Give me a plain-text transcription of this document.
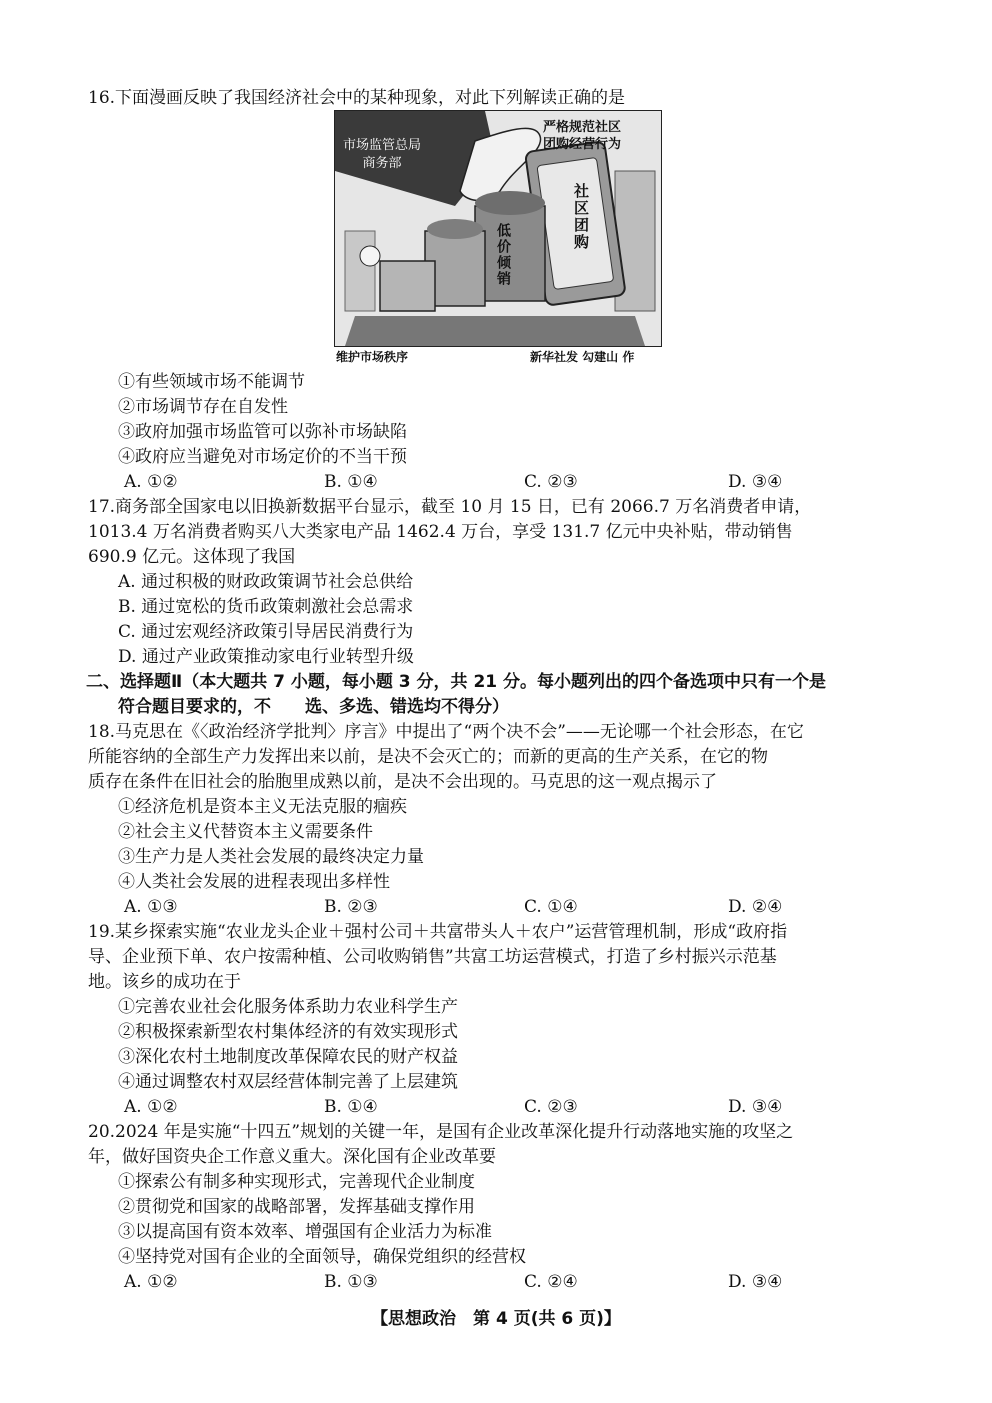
16.下面漫画反映了我国经济社会中的某种现象，对此下列解读正确的是
市场监管总局
商务部
严格规范社区
团购经营行为
社区团购
低价倾销
维护市场秩序	新华社发 勾建山 作
①有些领域市场不能调节
②市场调节存在自发性
③政府加强市场监管可以弥补市场缺陷
④政府应当避免对市场定价的不当干预
A. ①②	B. ①④	C. ②③	D. ③④
17.商务部全国家电以旧换新数据平台显示，截至 10 月 15 日，已有 2066.7 万名消费者申请，
1013.4 万名消费者购买八大类家电产品 1462.4 万台，享受 131.7 亿元中央补贴，带动销售
690.9 亿元。这体现了我国
A. 通过积极的财政政策调节社会总供给
B. 通过宽松的货币政策刺激社会总需求
C. 通过宏观经济政策引导居民消费行为
D. 通过产业政策推动家电行业转型升级
二、选择题Ⅱ（本大题共 7 小题，每小题 3 分，共 21 分。每小题列出的四个备选项中只有一个是
符合题目要求的，不　　选、多选、错选均不得分）
18.马克思在《〈政治经济学批判〉序言》中提出了“两个决不会”——无论哪一个社会形态，在它
所能容纳的全部生产力发挥出来以前，是决不会灭亡的；而新的更高的生产关系，在它的物
质存在条件在旧社会的胎胞里成熟以前，是决不会出现的。马克思的这一观点揭示了
①经济危机是资本主义无法克服的痼疾
②社会主义代替资本主义需要条件
③生产力是人类社会发展的最终决定力量
④人类社会发展的进程表现出多样性
A. ①③	B. ②③	C. ①④	D. ②④
19.某乡探索实施“农业龙头企业＋强村公司＋共富带头人＋农户”运营管理机制，形成“政府指
导、企业预下单、农户按需种植、公司收购销售”共富工坊运营模式，打造了乡村振兴示范基
地。该乡的成功在于
①完善农业社会化服务体系助力农业科学生产
②积极探索新型农村集体经济的有效实现形式
③深化农村土地制度改革保障农民的财产权益
④通过调整农村双层经营体制完善了上层建筑
A. ①②	B. ①④	C. ②③	D. ③④
20.2024 年是实施“十四五”规划的关键一年，是国有企业改革深化提升行动落地实施的攻坚之
年，做好国资央企工作意义重大。深化国有企业改革要
①探索公有制多种实现形式，完善现代企业制度
②贯彻党和国家的战略部署，发挥基础支撑作用
③以提高国有资本效率、增强国有企业活力为标准
④坚持党对国有企业的全面领导，确保党组织的经营权
A. ①②	B. ①③	C. ②④	D. ③④
【思想政治　第 4 页(共 6 页)】
